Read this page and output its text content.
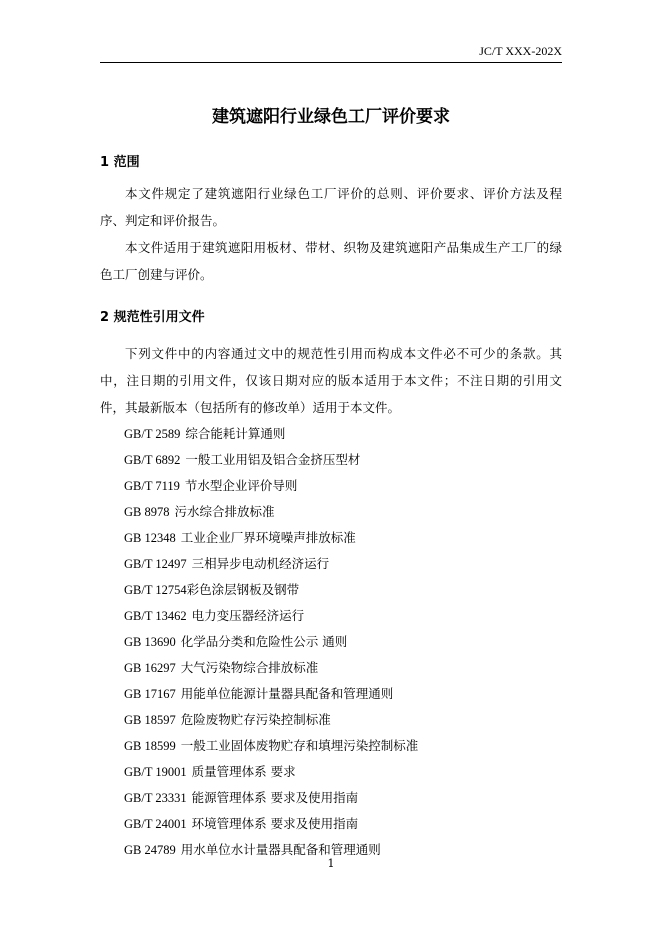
JC/T XXX-202X
建筑遮阳行业绿色工厂评价要求
1 范围

本文件规定了建筑遮阳行业绿色工厂评价的总则、评价要求、评价方法及程序、判定和评价报告。

本文件适用于建筑遮阳用板材、带材、织物及建筑遮阳产品集成生产工厂的绿色工厂创建与评价。

2 规范性引用文件

下列文件中的内容通过文中的规范性引用而构成本文件必不可少的条款。其中，注日期的引用文件，仅该日期对应的版本适用于本文件；不注日期的引用文件，其最新版本（包括所有的修改单）适用于本文件。

GB/T 2589 综合能耗计算通则
GB/T 6892 一般工业用铝及铝合金挤压型材
GB/T 7119 节水型企业评价导则
GB 8978 污水综合排放标准
GB 12348 工业企业厂界环境噪声排放标准
GB/T 12497 三相异步电动机经济运行
GB/T 12754彩色涂层钢板及钢带
GB/T 13462 电力变压器经济运行
GB 13690 化学品分类和危险性公示 通则
GB 16297 大气污染物综合排放标准
GB 17167 用能单位能源计量器具配备和管理通则
GB 18597 危险废物贮存污染控制标准
GB 18599 一般工业固体废物贮存和填埋污染控制标准
GB/T 19001 质量管理体系 要求
GB/T 23331 能源管理体系 要求及使用指南
GB/T 24001 环境管理体系 要求及使用指南
GB 24789 用水单位水计量器具配备和管理通则
1
